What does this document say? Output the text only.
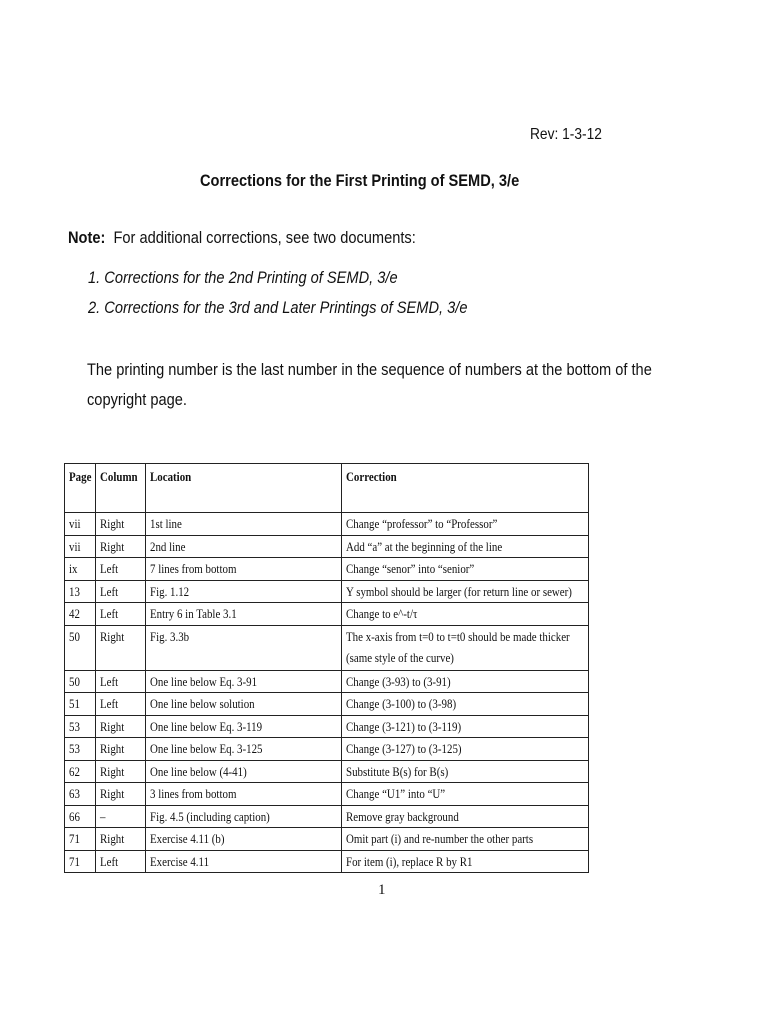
Rev: 1-3-12
Corrections for the First Printing of SEMD, 3/e
Note: For additional corrections, see two documents:
1. Corrections for the 2nd Printing of SEMD, 3/e
2. Corrections for the 3rd and Later Printings of SEMD, 3/e
The printing number is the last number in the sequence of numbers at the bottom of the
copyright page.
Page	Column	Location	Correction
vii	Right	1st line	Change “professor” to “Professor”
vii	Right	2nd line	Add “a” at the beginning of the line
ix	Left	7 lines from bottom	Change “senor” into “senior”
13	Left	Fig. 1.12	Y symbol should be larger (for return line or sewer)
42	Left	Entry 6 in Table 3.1	Change to e^-t/τ
50	Right	Fig. 3.3b	The x-axis from t=0 to t=t0 should be made thicker (same style of the curve)
50	Left	One line below Eq. 3-91	Change (3-93) to (3-91)
51	Left	One line below solution	Change (3-100) to (3-98)
53	Right	One line below Eq. 3-119	Change (3-121) to (3-119)
53	Right	One line below Eq. 3-125	Change (3-127) to (3-125)
62	Right	One line below (4-41)	Substitute B(s) for B(s)
63	Right	3 lines from bottom	Change “U1” into “U”
66	–	Fig. 4.5 (including caption)	Remove gray background
71	Right	Exercise 4.11 (b)	Omit part (i) and re-number the other parts
71	Left	Exercise 4.11	For item (i), replace R by R1
1
